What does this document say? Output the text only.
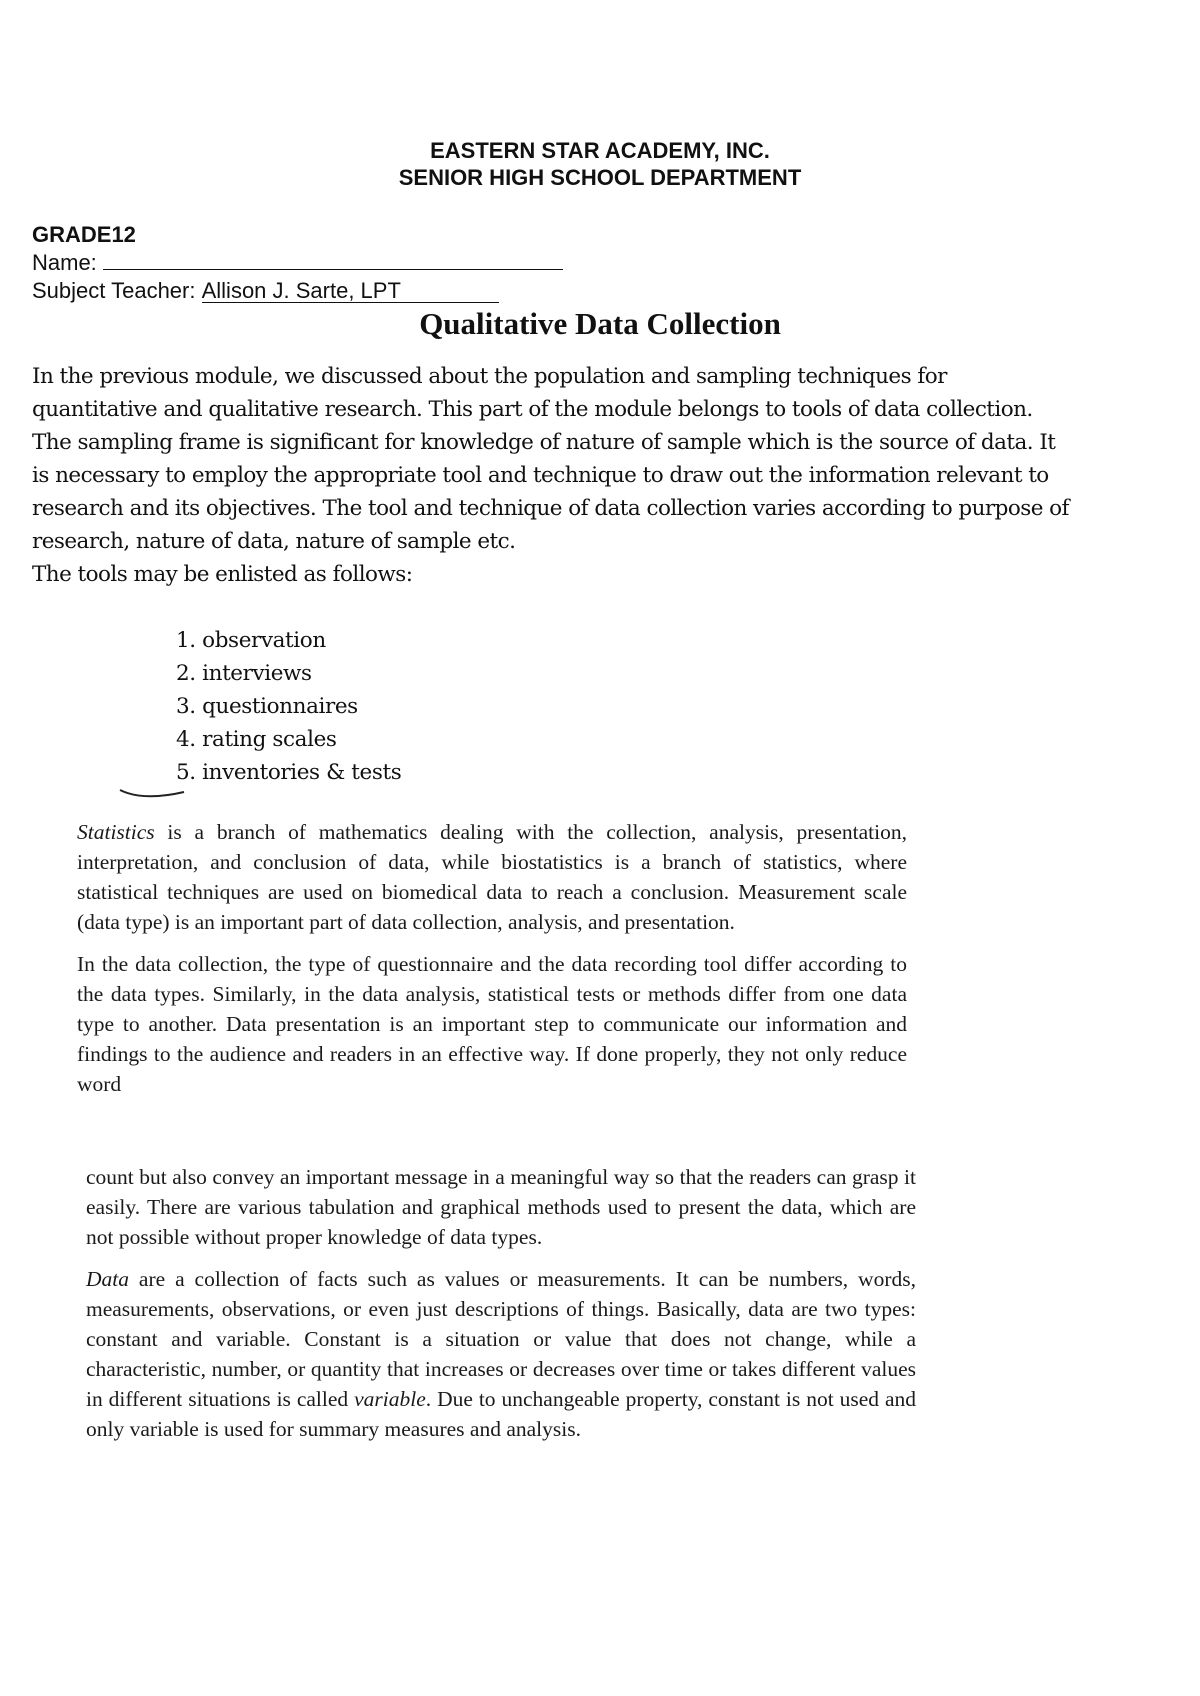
EASTERN STAR ACADEMY, INC.
SENIOR HIGH SCHOOL DEPARTMENT
GRADE12
Name:
Subject Teacher: Allison J. Sarte, LPT
Qualitative Data Collection

In the previous module, we discussed about the population and sampling techniques for quantitative and qualitative research. This part of the module belongs to tools of data collection. The sampling frame is significant for knowledge of nature of sample which is the source of data. It is necessary to employ the appropriate tool and technique to draw out the information relevant to research and its objectives. The tool and technique of data collection varies according to purpose of research, nature of data, nature of sample etc.

The tools may be enlisted as follows:

1. observation
2. interviews
3. questionnaires
4. rating scales
5. inventories & tests

Statistics is a branch of mathematics dealing with the collection, analysis, presentation, interpretation, and conclusion of data, while biostatistics is a branch of statistics, where statistical techniques are used on biomedical data to reach a conclusion. Measurement scale (data type) is an important part of data collection, analysis, and presentation.

In the data collection, the type of questionnaire and the data recording tool differ according to the data types. Similarly, in the data analysis, statistical tests or methods differ from one data type to another. Data presentation is an important step to communicate our information and findings to the audience and readers in an effective way. If done properly, they not only reduce word

count but also convey an important message in a meaningful way so that the readers can grasp it easily. There are various tabulation and graphical methods used to present the data, which are not possible without proper knowledge of data types.

Data are a collection of facts such as values or measurements. It can be numbers, words, measurements, observations, or even just descriptions of things. Basically, data are two types: constant and variable. Constant is a situation or value that does not change, while a characteristic, number, or quantity that increases or decreases over time or takes different values in different situations is called variable. Due to unchangeable property, constant is not used and only variable is used for summary measures and analysis.
